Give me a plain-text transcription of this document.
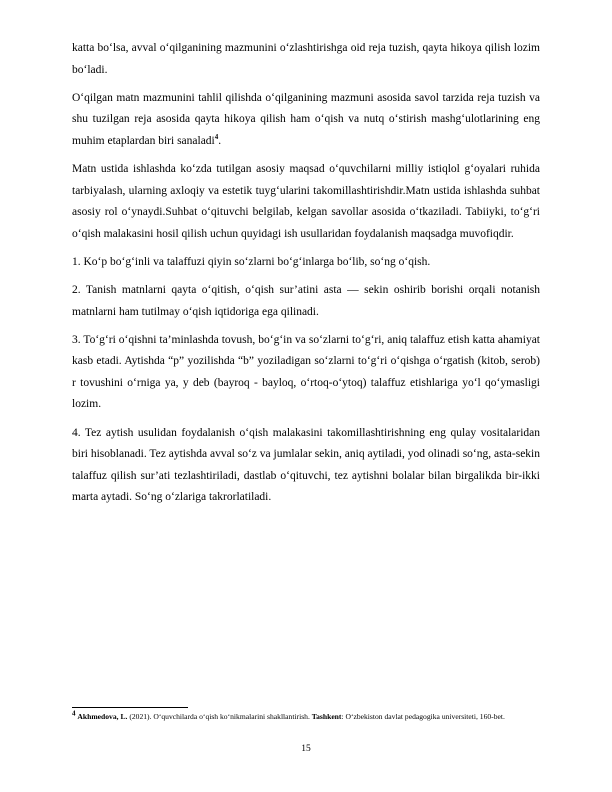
katta bo‘lsa, avval o‘qilganining mazmunini o‘zlashtirishga oid reja tuzish, qayta hikoya qilish lozim bo‘ladi.

O‘qilgan matn mazmunini tahlil qilishda o‘qilganining mazmuni asosida savol tarzida reja tuzish va shu tuzilgan reja asosida qayta hikoya qilish ham o‘qish va nutq o‘stirish mashg‘ulotlarining eng muhim etaplardan biri sanaladi$^4$.

Matn ustida ishlashda ko‘zda tutilgan asosiy maqsad o‘quvchilarni milliy istiqlol g‘oyalari ruhida tarbiyalash, ularning axloqiy va estetik tuyg‘ularini takomillashtirishdir.Matn ustida ishlashda suhbat asosiy rol o‘ynaydi.Suhbat o‘qituvchi belgilab, kelgan savollar asosida o‘tkaziladi. Tabiiyki, to‘g‘ri o‘qish malakasini hosil qilish uchun quyidagi ish usullaridan foydalanish maqsadga muvofiqdir.

1. Ko‘p bo‘g‘inli va talaffuzi qiyin so‘zlarni bo‘g‘inlarga bo‘lib, so‘ng o‘qish.

2. Tanish matnlarni qayta o‘qitish, o‘qish sur’atini asta — sekin oshirib borishi orqali notanish matnlarni ham tutilmay o‘qish iqtidoriga ega qilinadi.

3. To‘g‘ri o‘qishni ta’minlashda tovush, bo‘g‘in va so‘zlarni to‘g‘ri, aniq talaffuz etish katta ahamiyat kasb etadi. Aytishda “p” yozilishda “b” yoziladigan so‘zlarni to‘g‘ri o‘qishga o‘rgatish (kitob, serob) r tovushini o‘rniga ya, y deb (bayroq - bayloq, o‘rtoq-o‘ytoq) talaffuz etishlariga yo‘l qo‘ymasligi lozim.

4. Tez aytish usulidan foydalanish o‘qish malakasini takomillashtirishning eng qulay vositalaridan biri hisoblanadi. Tez aytishda avval so‘z va jumlalar sekin, aniq aytiladi, yod olinadi so‘ng, asta-sekin talaffuz qilish sur’ati tezlashtiriladi, dastlab o‘qituvchi, tez aytishni bolalar bilan birgalikda bir-ikki marta aytadi. So‘ng o‘zlariga takrorlatiladi.

$^4$ Akhmedova, L. (2021). O‘quvchilarda o‘qish ko‘nikmalarini shakllantirish. Tashkent: O‘zbekiston davlat pedagogika universiteti, 160-bet.
15
